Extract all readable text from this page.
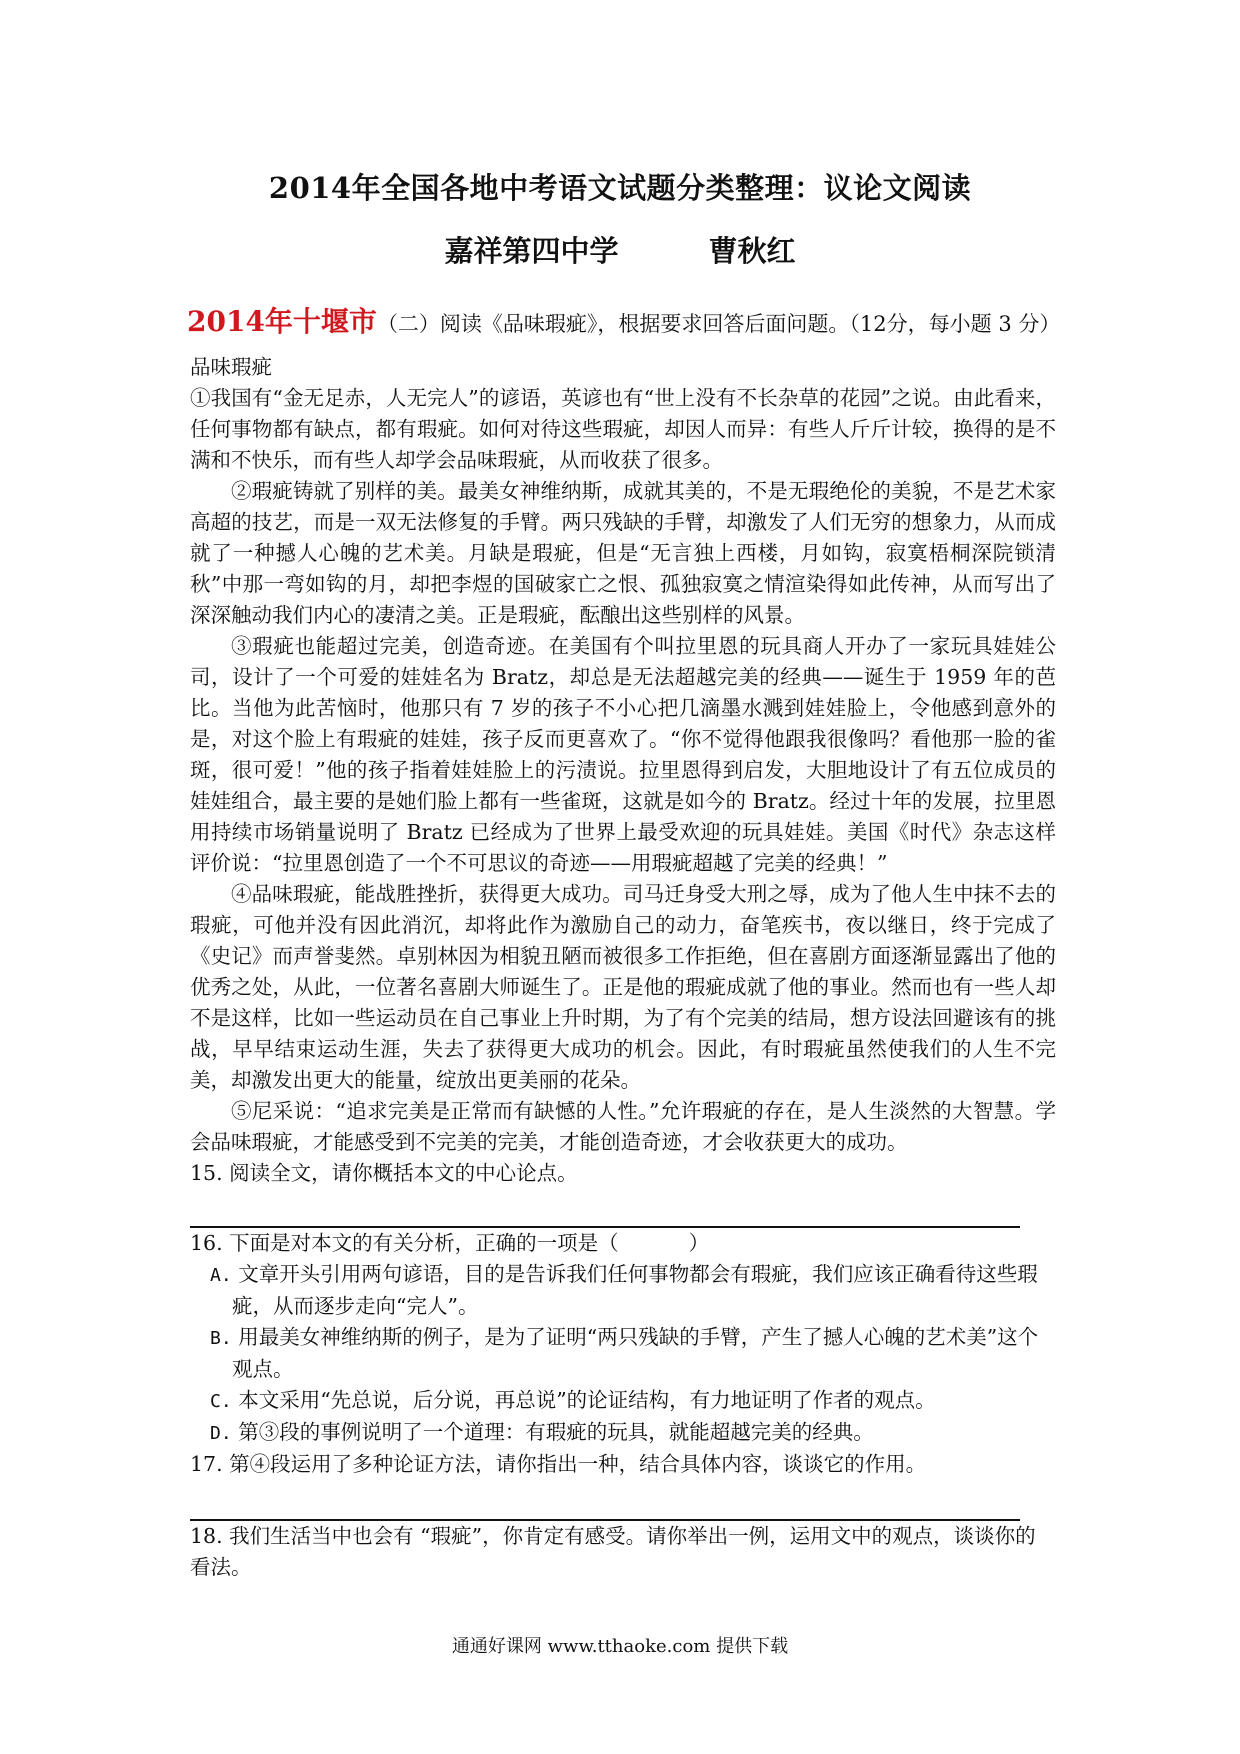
2014年全国各地中考语文试题分类整理：议论文阅读
嘉祥第四中学	曹秋红
2014年十堰市（二）阅读《品味瑕疵》，根据要求回答后面问题。（12分，每小题 3 分）

品味瑕疵

①我国有“金无足赤，人无完人”的谚语，英谚也有“世上没有不长杂草的花园”之说。由此看来，任何事物都有缺点，都有瑕疵。如何对待这些瑕疵，却因人而异：有些人斤斤计较，换得的是不满和不快乐，而有些人却学会品味瑕疵，从而收获了很多。

②瑕疵铸就了别样的美。最美女神维纳斯，成就其美的，不是无瑕绝伦的美貌，不是艺术家高超的技艺，而是一双无法修复的手臂。两只残缺的手臂，却激发了人们无穷的想象力，从而成就了一种撼人心魄的艺术美。月缺是瑕疵，但是“无言独上西楼，月如钩，寂寞梧桐深院锁清秋”中那一弯如钩的月，却把李煜的国破家亡之恨、孤独寂寞之情渲染得如此传神，从而写出了深深触动我们内心的凄清之美。正是瑕疵，酝酿出这些别样的风景。

③瑕疵也能超过完美，创造奇迹。在美国有个叫拉里恩的玩具商人开办了一家玩具娃娃公司，设计了一个可爱的娃娃名为 Bratz，却总是无法超越完美的经典——诞生于 1959 年的芭比。当他为此苦恼时，他那只有 7 岁的孩子不小心把几滴墨水溅到娃娃脸上，令他感到意外的是，对这个脸上有瑕疵的娃娃，孩子反而更喜欢了。“你不觉得他跟我很像吗？看他那一脸的雀斑，很可爱！”他的孩子指着娃娃脸上的污渍说。拉里恩得到启发，大胆地设计了有五位成员的娃娃组合，最主要的是她们脸上都有一些雀斑，这就是如今的 Bratz。经过十年的发展，拉里恩用持续市场销量说明了 Bratz 已经成为了世界上最受欢迎的玩具娃娃。美国《时代》杂志这样评价说：“拉里恩创造了一个不可思议的奇迹——用瑕疵超越了完美的经典！”

④品味瑕疵，能战胜挫折，获得更大成功。司马迁身受大刑之辱，成为了他人生中抹不去的瑕疵，可他并没有因此消沉，却将此作为激励自己的动力，奋笔疾书，夜以继日，终于完成了《史记》而声誉斐然。卓别林因为相貌丑陋而被很多工作拒绝，但在喜剧方面逐渐显露出了他的优秀之处，从此，一位著名喜剧大师诞生了。正是他的瑕疵成就了他的事业。然而也有一些人却不是这样，比如一些运动员在自己事业上升时期，为了有个完美的结局，想方设法回避该有的挑战，早早结束运动生涯，失去了获得更大成功的机会。因此，有时瑕疵虽然使我们的人生不完美，却激发出更大的能量，绽放出更美丽的花朵。

⑤尼采说：“追求完美是正常而有缺憾的人性。”允许瑕疵的存在，是人生淡然的大智慧。学会品味瑕疵，才能感受到不完美的完美，才能创造奇迹，才会收获更大的成功。

15. 阅读全文，请你概括本文的中心论点。

16. 下面是对本文的有关分析，正确的一项是（	）

A. 文章开头引用两句谚语，目的是告诉我们任何事物都会有瑕疵，我们应该正确看待这些瑕疵，从而逐步走向“完人”。

B. 用最美女神维纳斯的例子，是为了证明“两只残缺的手臂，产生了撼人心魄的艺术美”这个观点。

C. 本文采用“先总说，后分说，再总说”的论证结构，有力地证明了作者的观点。

D. 第③段的事例说明了一个道理：有瑕疵的玩具，就能超越完美的经典。

17. 第④段运用了多种论证方法，请你指出一种，结合具体内容，谈谈它的作用。

18. 我们生活当中也会有 “瑕疵”，你肯定有感受。请你举出一例，运用文中的观点，谈谈你的看法。

通通好课网 www.tthaoke.com 提供下载
